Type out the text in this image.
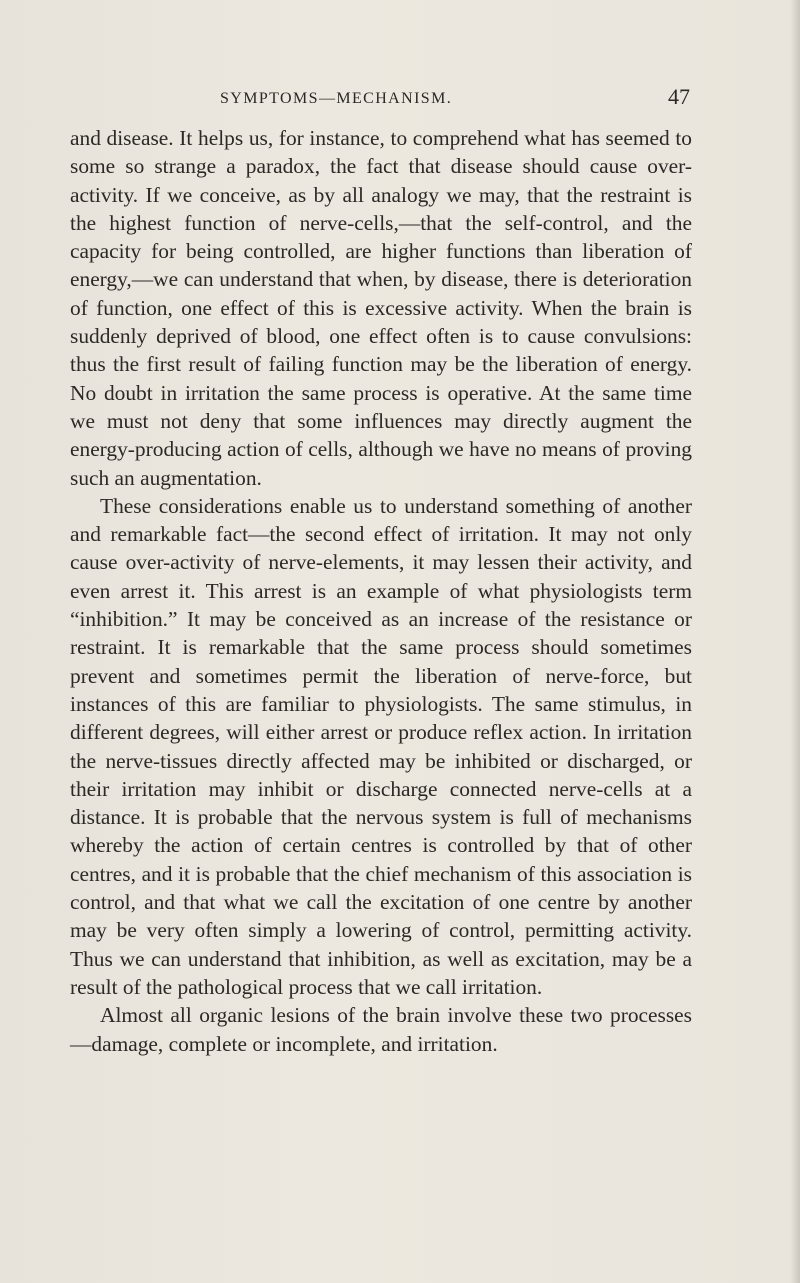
SYMPTOMS—MECHANISM.	47

and disease. It helps us, for instance, to comprehend what has seemed to some so strange a paradox, the fact that disease should cause over-activity. If we conceive, as by all analogy we may, that the restraint is the highest function of nerve-cells,—that the self-control, and the capacity for being controlled, are higher functions than liberation of energy,—we can understand that when, by disease, there is deterioration of function, one effect of this is excessive activity. When the brain is suddenly deprived of blood, one effect often is to cause convulsions: thus the first result of failing function may be the liberation of energy. No doubt in irritation the same process is operative. At the same time we must not deny that some influences may directly augment the energy-producing action of cells, although we have no means of proving such an augmentation.

These considerations enable us to understand something of another and remarkable fact—the second effect of irritation. It may not only cause over-activity of nerve-elements, it may lessen their activity, and even arrest it. This arrest is an example of what physiologists term “inhibition.” It may be conceived as an increase of the resistance or restraint. It is remarkable that the same process should sometimes prevent and sometimes permit the liberation of nerve-force, but instances of this are familiar to physiologists. The same stimulus, in different degrees, will either arrest or produce reflex action. In irritation the nerve-tissues directly affected may be inhibited or discharged, or their irritation may inhibit or discharge connected nerve-cells at a distance. It is probable that the nervous system is full of mechanisms whereby the action of certain centres is controlled by that of other centres, and it is probable that the chief mechanism of this association is control, and that what we call the excitation of one centre by another may be very often simply a lowering of control, permitting activity. Thus we can understand that inhibition, as well as excitation, may be a result of the pathological process that we call irritation.

Almost all organic lesions of the brain involve these two processes—damage, complete or incomplete, and irritation.
